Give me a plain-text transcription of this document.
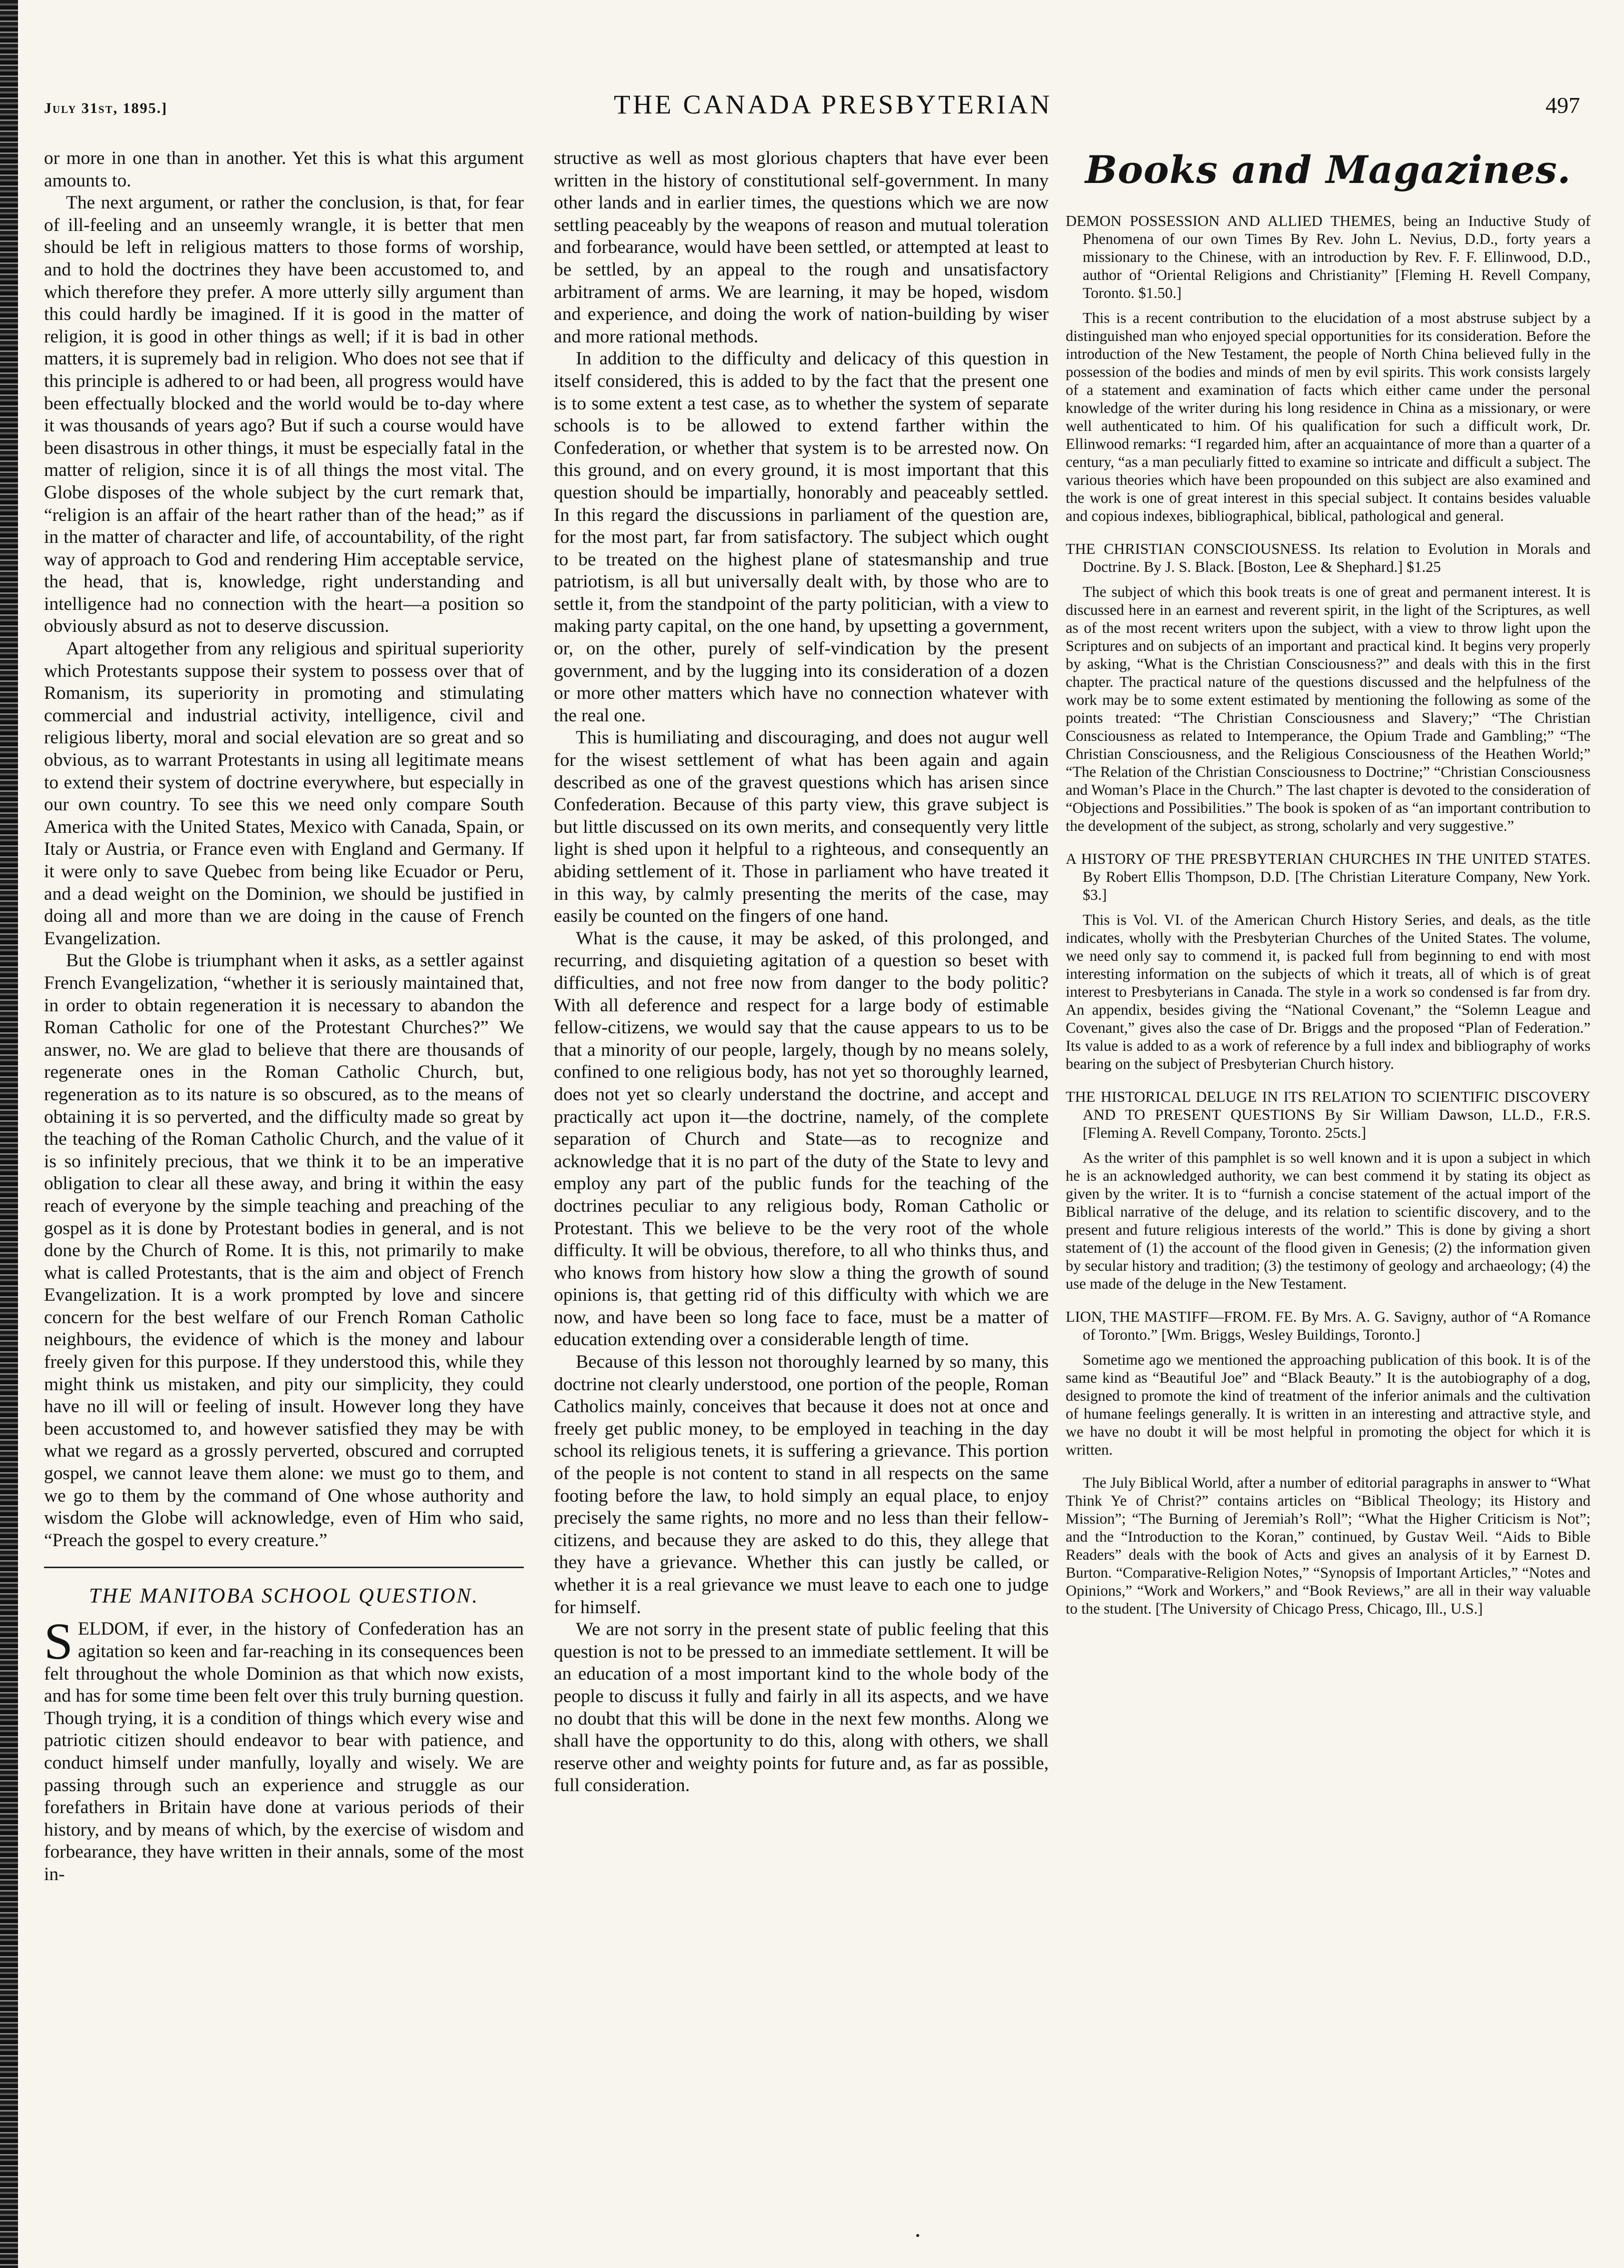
July 31st, 1895.]	THE CANADA PRESBYTERIAN	497

or more in one than in another. Yet this is what this argument amounts to.

The next argument, or rather the conclusion, is that, for fear of ill-feeling and an unseemly wrangle, it is better that men should be left in religious matters to those forms of worship, and to hold the doctrines they have been accustomed to, and which therefore they prefer. A more utterly silly argument than this could hardly be imagined. If it is good in the matter of religion, it is good in other things as well; if it is bad in other matters, it is supremely bad in religion. Who does not see that if this principle is adhered to or had been, all progress would have been effectually blocked and the world would be to-day where it was thousands of years ago? But if such a course would have been disastrous in other things, it must be especially fatal in the matter of religion, since it is of all things the most vital. The Globe disposes of the whole subject by the curt remark that, “religion is an affair of the heart rather than of the head;” as if in the matter of character and life, of accountability, of the right way of approach to God and rendering Him acceptable service, the head, that is, knowledge, right understanding and intelligence had no connection with the heart—a position so obviously absurd as not to deserve discussion.

Apart altogether from any religious and spiritual superiority which Protestants suppose their system to possess over that of Romanism, its superiority in promoting and stimulating commercial and industrial activity, intelligence, civil and religious liberty, moral and social elevation are so great and so obvious, as to warrant Protestants in using all legitimate means to extend their system of doctrine everywhere, but especially in our own country. To see this we need only compare South America with the United States, Mexico with Canada, Spain, or Italy or Austria, or France even with England and Germany. If it were only to save Quebec from being like Ecuador or Peru, and a dead weight on the Dominion, we should be justified in doing all and more than we are doing in the cause of French Evangelization.

But the Globe is triumphant when it asks, as a settler against French Evangelization, “whether it is seriously maintained that, in order to obtain regeneration it is necessary to abandon the Roman Catholic for one of the Protestant Churches?” We answer, no. We are glad to believe that there are thousands of regenerate ones in the Roman Catholic Church, but, regeneration as to its nature is so obscured, as to the means of obtaining it is so perverted, and the difficulty made so great by the teaching of the Roman Catholic Church, and the value of it is so infinitely precious, that we think it to be an imperative obligation to clear all these away, and bring it within the easy reach of everyone by the simple teaching and preaching of the gospel as it is done by Protestant bodies in general, and is not done by the Church of Rome. It is this, not primarily to make what is called Protestants, that is the aim and object of French Evangelization. It is a work prompted by love and sincere concern for the best welfare of our French Roman Catholic neighbours, the evidence of which is the money and labour freely given for this purpose. If they understood this, while they might think us mistaken, and pity our simplicity, they could have no ill will or feeling of insult. However long they have been accustomed to, and however satisfied they may be with what we regard as a grossly perverted, obscured and corrupted gospel, we cannot leave them alone: we must go to them, and we go to them by the command of One whose authority and wisdom the Globe will acknowledge, even of Him who said, “Preach the gospel to every creature.”

THE MANITOBA SCHOOL QUESTION.

SELDOM, if ever, in the history of Confederation has an agitation so keen and far-reaching in its consequences been felt throughout the whole Dominion as that which now exists, and has for some time been felt over this truly burning question. Though trying, it is a condition of things which every wise and patriotic citizen should endeavor to bear with patience, and conduct himself under manfully, loyally and wisely. We are passing through such an experience and struggle as our forefathers in Britain have done at various periods of their history, and by means of which, by the exercise of wisdom and forbearance, they have written in their annals, some of the most in-

structive as well as most glorious chapters that have ever been written in the history of constitutional self-government. In many other lands and in earlier times, the questions which we are now settling peaceably by the weapons of reason and mutual toleration and forbearance, would have been settled, or attempted at least to be settled, by an appeal to the rough and unsatisfactory arbitrament of arms. We are learning, it may be hoped, wisdom and experience, and doing the work of nation-building by wiser and more rational methods.

In addition to the difficulty and delicacy of this question in itself considered, this is added to by the fact that the present one is to some extent a test case, as to whether the system of separate schools is to be allowed to extend farther within the Confederation, or whether that system is to be arrested now. On this ground, and on every ground, it is most important that this question should be impartially, honorably and peaceably settled. In this regard the discussions in parliament of the question are, for the most part, far from satisfactory. The subject which ought to be treated on the highest plane of statesmanship and true patriotism, is all but universally dealt with, by those who are to settle it, from the standpoint of the party politician, with a view to making party capital, on the one hand, by upsetting a government, or, on the other, purely of self-vindication by the present government, and by the lugging into its consideration of a dozen or more other matters which have no connection whatever with the real one.

This is humiliating and discouraging, and does not augur well for the wisest settlement of what has been again and again described as one of the gravest questions which has arisen since Confederation. Because of this party view, this grave subject is but little discussed on its own merits, and consequently very little light is shed upon it helpful to a righteous, and consequently an abiding settlement of it. Those in parliament who have treated it in this way, by calmly presenting the merits of the case, may easily be counted on the fingers of one hand.

What is the cause, it may be asked, of this prolonged, and recurring, and disquieting agitation of a question so beset with difficulties, and not free now from danger to the body politic? With all deference and respect for a large body of estimable fellow-citizens, we would say that the cause appears to us to be that a minority of our people, largely, though by no means solely, confined to one religious body, has not yet so thoroughly learned, does not yet so clearly understand the doctrine, and accept and practically act upon it—the doctrine, namely, of the complete separation of Church and State—as to recognize and acknowledge that it is no part of the duty of the State to levy and employ any part of the public funds for the teaching of the doctrines peculiar to any religious body, Roman Catholic or Protestant. This we believe to be the very root of the whole difficulty. It will be obvious, therefore, to all who thinks thus, and who knows from history how slow a thing the growth of sound opinions is, that getting rid of this difficulty with which we are now, and have been so long face to face, must be a matter of education extending over a considerable length of time.

Because of this lesson not thoroughly learned by so many, this doctrine not clearly understood, one portion of the people, Roman Catholics mainly, conceives that because it does not at once and freely get public money, to be employed in teaching in the day school its religious tenets, it is suffering a grievance. This portion of the people is not content to stand in all respects on the same footing before the law, to hold simply an equal place, to enjoy precisely the same rights, no more and no less than their fellow-citizens, and because they are asked to do this, they allege that they have a grievance. Whether this can justly be called, or whether it is a real grievance we must leave to each one to judge for himself.

We are not sorry in the present state of public feeling that this question is not to be pressed to an immediate settlement. It will be an education of a most important kind to the whole body of the people to discuss it fully and fairly in all its aspects, and we have no doubt that this will be done in the next few months. Along we shall have the opportunity to do this, along with others, we shall reserve other and weighty points for future and, as far as possible, full consideration.

Books and Magazines.
DEMON POSSESSION AND ALLIED THEMES, being an Inductive Study of Phenomena of our own Times By Rev. John L. Nevius, D.D., forty years a missionary to the Chinese, with an introduction by Rev. F. F. Ellinwood, D.D., author of “Oriental Religions and Christianity” [Fleming H. Revell Company, Toronto. $1.50.]
This is a recent contribution to the elucidation of a most abstruse subject by a distinguished man who enjoyed special opportunities for its consideration. Before the introduction of the New Testament, the people of North China believed fully in the possession of the bodies and minds of men by evil spirits. This work consists largely of a statement and examination of facts which either came under the personal knowledge of the writer during his long residence in China as a missionary, or were well authenticated to him. Of his qualification for such a difficult work, Dr. Ellinwood remarks: “I regarded him, after an acquaintance of more than a quarter of a century, “as a man peculiarly fitted to examine so intricate and difficult a subject. The various theories which have been propounded on this subject are also examined and the work is one of great interest in this special subject. It contains besides valuable and copious indexes, bibliographical, biblical, pathological and general.
THE CHRISTIAN CONSCIOUSNESS. Its relation to Evolution in Morals and Doctrine. By J. S. Black. [Boston, Lee & Shephard.] $1.25
The subject of which this book treats is one of great and permanent interest. It is discussed here in an earnest and reverent spirit, in the light of the Scriptures, as well as of the most recent writers upon the subject, with a view to throw light upon the Scriptures and on subjects of an important and practical kind. It begins very properly by asking, “What is the Christian Consciousness?” and deals with this in the first chapter. The practical nature of the questions discussed and the helpfulness of the work may be to some extent estimated by mentioning the following as some of the points treated: “The Christian Consciousness and Slavery;” “The Christian Consciousness as related to Intemperance, the Opium Trade and Gambling;” “The Christian Consciousness, and the Religious Consciousness of the Heathen World;” “The Relation of the Christian Consciousness to Doctrine;” “Christian Consciousness and Woman’s Place in the Church.” The last chapter is devoted to the consideration of “Objections and Possibilities.” The book is spoken of as “an important contribution to the development of the subject, as strong, scholarly and very suggestive.”
A HISTORY OF THE PRESBYTERIAN CHURCHES IN THE UNITED STATES. By Robert Ellis Thompson, D.D. [The Christian Literature Company, New York. $3.]
This is Vol. VI. of the American Church History Series, and deals, as the title indicates, wholly with the Presbyterian Churches of the United States. The volume, we need only say to commend it, is packed full from beginning to end with most interesting information on the subjects of which it treats, all of which is of great interest to Presbyterians in Canada. The style in a work so condensed is far from dry. An appendix, besides giving the “National Covenant,” the “Solemn League and Covenant,” gives also the case of Dr. Briggs and the proposed “Plan of Federation.” Its value is added to as a work of reference by a full index and bibliography of works bearing on the subject of Presbyterian Church history.
THE HISTORICAL DELUGE IN ITS RELATION TO SCIENTIFIC DISCOVERY AND TO PRESENT QUESTIONS By Sir William Dawson, LL.D., F.R.S. [Fleming A. Revell Company, Toronto. 25cts.]
As the writer of this pamphlet is so well known and it is upon a subject in which he is an acknowledged authority, we can best commend it by stating its object as given by the writer. It is to “furnish a concise statement of the actual import of the Biblical narrative of the deluge, and its relation to scientific discovery, and to the present and future religious interests of the world.” This is done by giving a short statement of (1) the account of the flood given in Genesis; (2) the information given by secular history and tradition; (3) the testimony of geology and archaeology; (4) the use made of the deluge in the New Testament.
LION, THE MASTIFF—FROM. FE. By Mrs. A. G. Savigny, author of “A Romance of Toronto.” [Wm. Briggs, Wesley Buildings, Toronto.]
Sometime ago we mentioned the approaching publication of this book. It is of the same kind as “Beautiful Joe” and “Black Beauty.” It is the autobiography of a dog, designed to promote the kind of treatment of the inferior animals and the cultivation of humane feelings generally. It is written in an interesting and attractive style, and we have no doubt it will be most helpful in promoting the object for which it is written.
The July Biblical World, after a number of editorial paragraphs in answer to “What Think Ye of Christ?” contains articles on “Biblical Theology; its History and Mission”; “The Burning of Jeremiah’s Roll”; “What the Higher Criticism is Not”; and the “Introduction to the Koran,” continued, by Gustav Weil. “Aids to Bible Readers” deals with the book of Acts and gives an analysis of it by Earnest D. Burton. “Comparative-Religion Notes,” “Synopsis of Important Articles,” “Notes and Opinions,” “Work and Workers,” and “Book Reviews,” are all in their way valuable to the student. [The University of Chicago Press, Chicago, Ill., U.S.]
